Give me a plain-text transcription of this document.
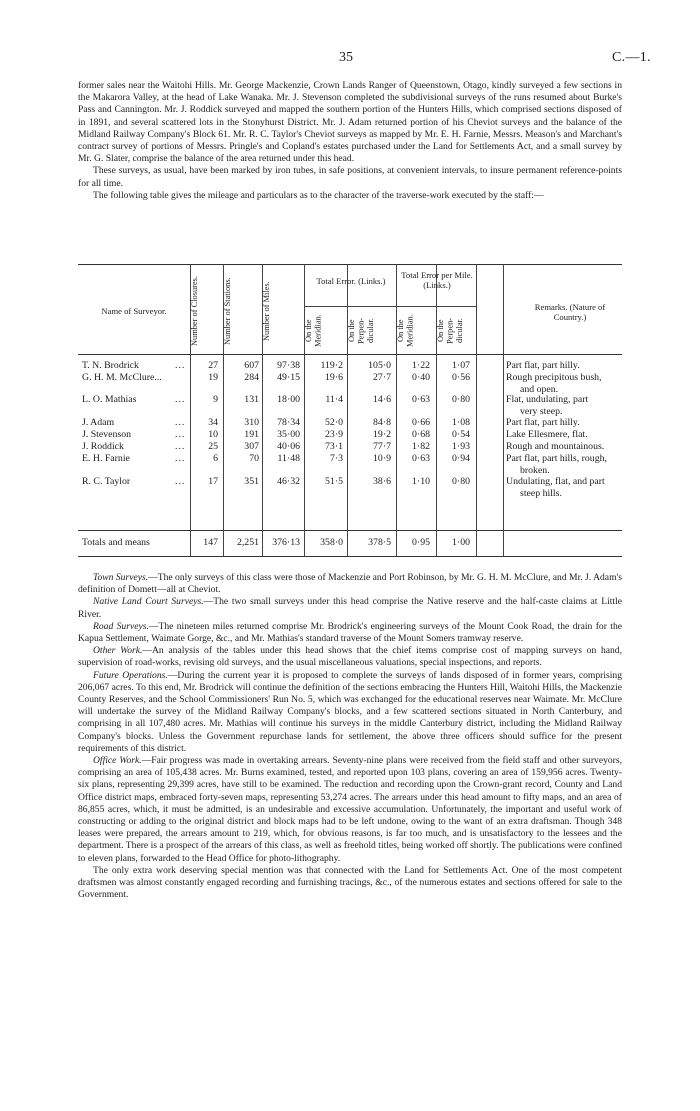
35	C.—1.

former sales near the Waitohi Hills. Mr. George Mackenzie, Crown Lands Ranger of Queenstown, Otago, kindly surveyed a few sections in the Makarora Valley, at the head of Lake Wanaka. Mr. J. Stevenson completed the subdivisional surveys of the runs resumed about Burke's Pass and Cannington. Mr. J. Roddick surveyed and mapped the southern portion of the Hunters Hills, which comprised sections disposed of in 1891, and several scattered lots in the Stonyhurst District. Mr. J. Adam returned portion of his Cheviot surveys and the balance of the Midland Railway Company's Block 61. Mr. R. C. Taylor's Cheviot surveys as mapped by Mr. E. H. Farnie, Messrs. Meason's and Marchant's contract survey of portions of Messrs. Pringle's and Copland's estates purchased under the Land for Settlements Act, and a small survey by Mr. G. Slater, comprise the balance of the area returned under this head.

These surveys, as usual, have been marked by iron tubes, in safe positions, at convenient intervals, to insure permanent reference-points for all time.

The following table gives the mileage and particulars as to the character of the traverse-work executed by the staff:—

Name of Surveyor.	Number of Closures.	Number of Stations.	Number of Miles.
Total Error. (Links.)
Total Error per Mile. (Links.)
On the Meridian.	On the Perpen-dicular.	On the Meridian.	On the Perpen-dicular.
Remarks. (Nature of Country.)
T. N. Brodrick	...	27	607	97·38	119·2	105·0	1·22	1·07	Part flat, part hilly.
G. H. M. McClure...	19	284	49·15	19·6	27·7	0·40	0·56	Rough precipitous bush,
and open.
L. O. Mathias	...	9	131	18·00	11·4	14·6	0·63	0·80	Flat, undulating, part
very steep.
J. Adam	...	34	310	78·34	52·0	84·8	0·66	1·08	Part flat, part hilly.
J. Stevenson	...	10	191	35·00	23·9	19·2	0·68	0·54	Lake Ellesmere, flat.
J. Roddick	...	25	307	40·06	73·1	77·7	1·82	1·93	Rough and mountainous.
E. H. Farnie	...	6	70	11·48	7·3	10·9	0·63	0·94	Part flat, part hills, rough,
broken.
R. C. Taylor	...	17	351	46·32	51·5	38·6	1·10	0·80	Undulating, flat, and part
steep hills.
Totals and means	147	2,251	376·13	358·0	378·5	0·95	1·00

Town Surveys.—The only surveys of this class were those of Mackenzie and Port Robinson, by Mr. G. H. M. McClure, and Mr. J. Adam's definition of Domett—all at Cheviot.

Native Land Court Surveys.—The two small surveys under this head comprise the Native reserve and the half-caste claims at Little River.

Road Surveys.—The nineteen miles returned comprise Mr. Brodrick's engineering surveys of the Mount Cook Road, the drain for the Kapua Settlement, Waimate Gorge, &c., and Mr. Mathias's standard traverse of the Mount Somers tramway reserve.

Other Work.—An analysis of the tables under this head shows that the chief items comprise cost of mapping surveys on hand, supervision of road-works, revising old surveys, and the usual miscellaneous valuations, special inspections, and reports.

Future Operations.—During the current year it is proposed to complete the surveys of lands disposed of in former years, comprising 206,067 acres. To this end, Mr. Brodrick will continue the definition of the sections embracing the Hunters Hill, Waitohi Hills, the Mackenzie County Reserves, and the School Commissioners' Run No. 5, which was exchanged for the educational reserves near Waimate. Mr. McClure will undertake the survey of the Midland Railway Company's blocks, and a few scattered sections situated in North Canterbury, and comprising in all 107,480 acres. Mr. Mathias will continue his surveys in the middle Canterbury district, including the Midland Railway Company's blocks. Unless the Government repurchase lands for settlement, the above three officers should suffice for the present requirements of this district.

Office Work.—Fair progress was made in overtaking arrears. Seventy-nine plans were received from the field staff and other surveyors, comprising an area of 105,438 acres. Mr. Burns examined, tested, and reported upon 103 plans, covering an area of 159,956 acres. Twenty-six plans, representing 29,399 acres, have still to be examined. The reduction and recording upon the Crown-grant record, County and Land Office district maps, embraced forty-seven maps, representing 53,274 acres. The arrears under this head amount to fifty maps, and an area of 86,855 acres, which, it must be admitted, is an undesirable and excessive accumulation. Unfortunately, the important and useful work of constructing or adding to the original district and block maps had to be left undone, owing to the want of an extra draftsman. Though 348 leases were prepared, the arrears amount to 219, which, for obvious reasons, is far too much, and is unsatisfactory to the lessees and the department. There is a prospect of the arrears of this class, as well as freehold titles, being worked off shortly. The publications were confined to eleven plans, forwarded to the Head Office for photo-lithography.

The only extra work deserving special mention was that connected with the Land for Settlements Act. One of the most competent draftsmen was almost constantly engaged recording and furnishing tracings, &c., of the numerous estates and sections offered for sale to the Government.
